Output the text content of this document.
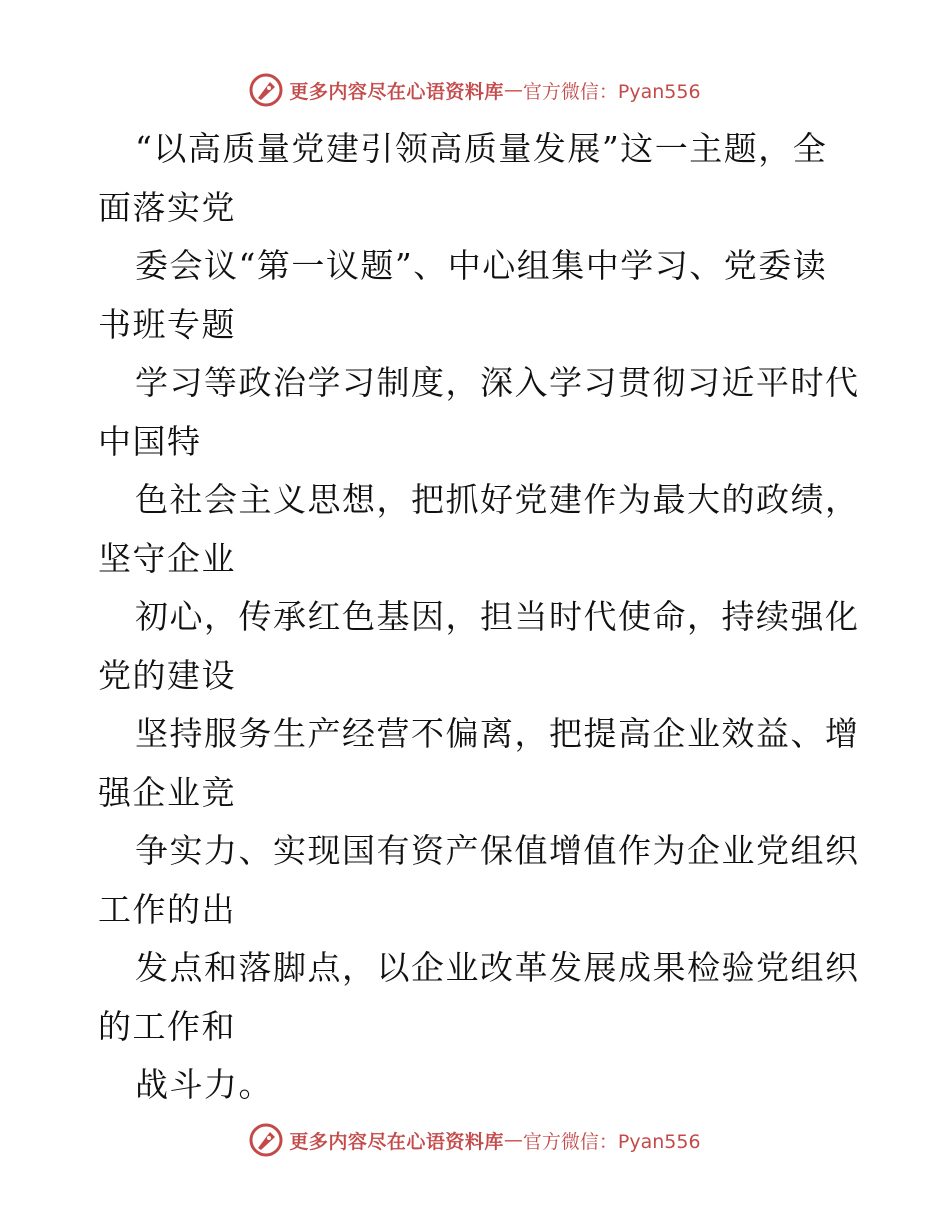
更多内容尽在心语资料库 — 官方微信：Pyan556
“以高质量党建引领高质量发展”这一主题，全
面落实党
委会议“第一议题”、中心组集中学习、党委读
书班专题
学习等政治学习制度，深入学习贯彻习近平时代
中国特
色社会主义思想，把抓好党建作为最大的政绩，
坚守企业
初心，传承红色基因，担当时代使命，持续强化
党的建设
坚持服务生产经营不偏离，把提高企业效益、增
强企业竞
争实力、实现国有资产保值增值作为企业党组织
工作的出
发点和落脚点，以企业改革发展成果检验党组织
的工作和
战斗力。
更多内容尽在心语资料库 — 官方微信：Pyan556
